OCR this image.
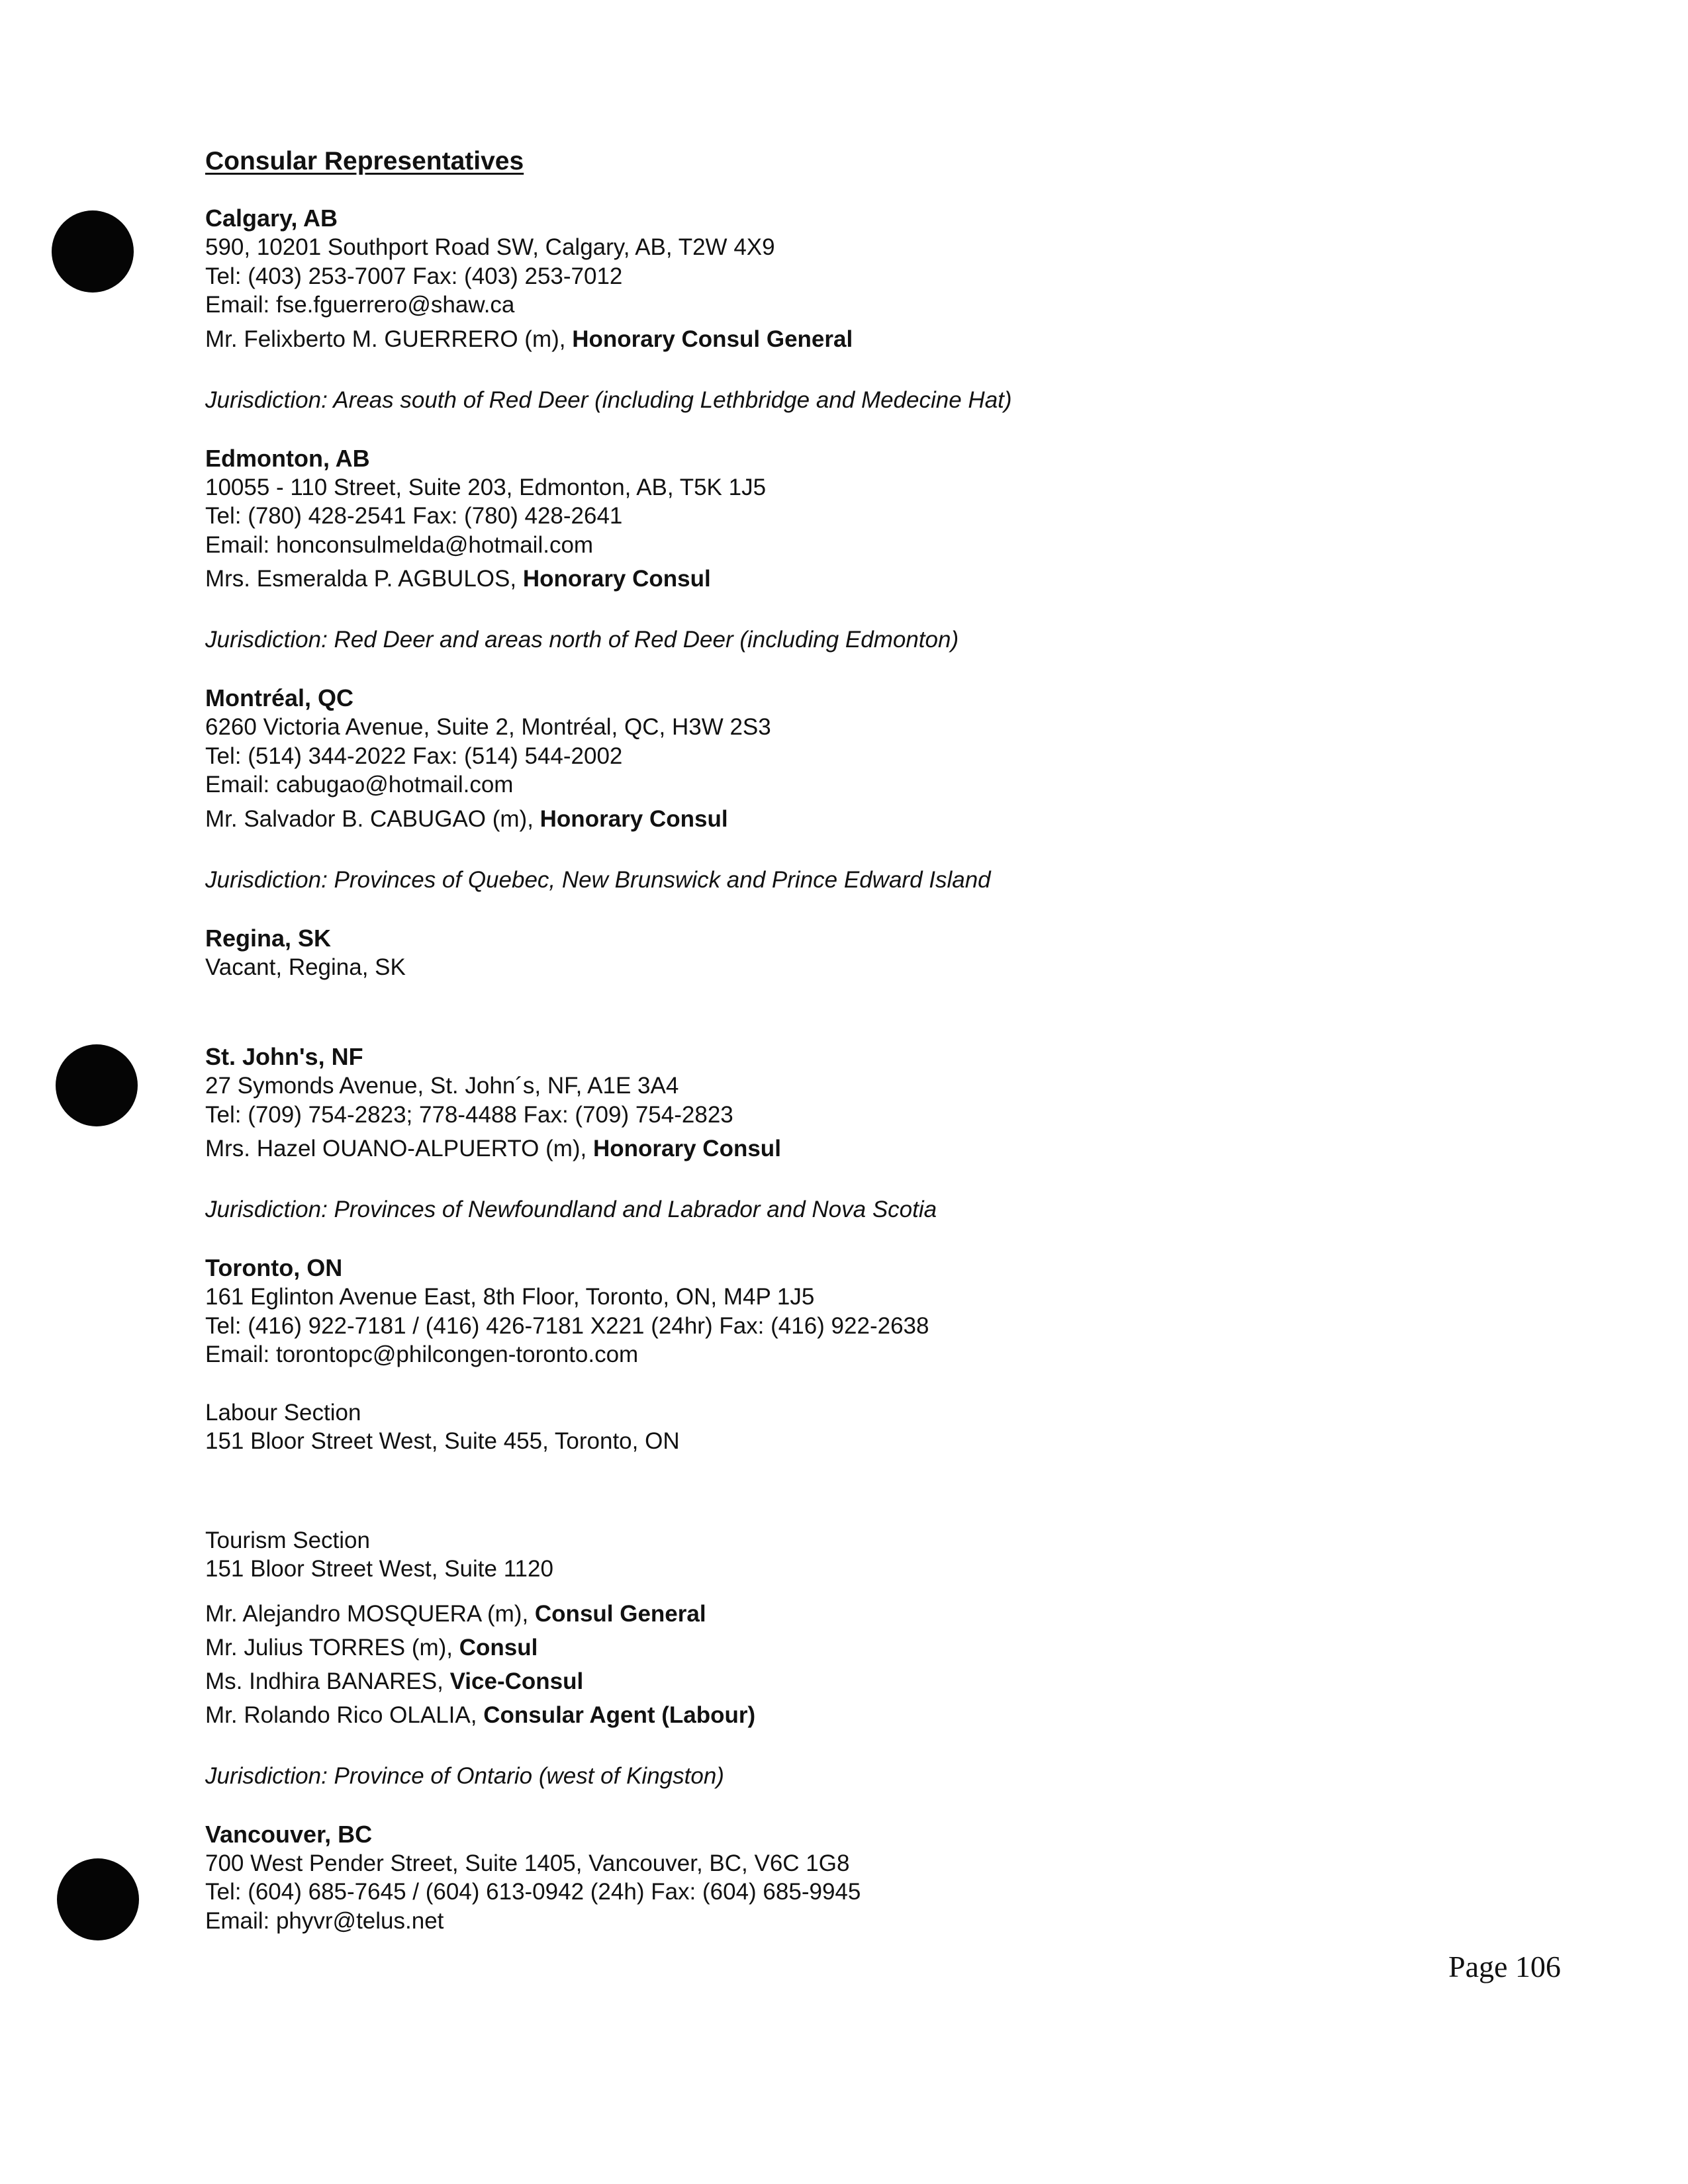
Consular Representatives
Calgary, AB
590, 10201 Southport Road SW, Calgary, AB, T2W 4X9
Tel: (403) 253-7007 Fax: (403) 253-7012
Email: fse.fguerrero@shaw.ca
Mr. Felixberto M. GUERRERO (m), Honorary Consul General
Jurisdiction: Areas south of Red Deer (including Lethbridge and Medecine Hat)
Edmonton, AB
10055 - 110 Street, Suite 203, Edmonton, AB, T5K 1J5
Tel: (780) 428-2541 Fax: (780) 428-2641
Email: honconsulmelda@hotmail.com
Mrs. Esmeralda P. AGBULOS, Honorary Consul
Jurisdiction: Red Deer and areas north of Red Deer (including Edmonton)
Montréal, QC
6260 Victoria Avenue, Suite 2, Montréal, QC, H3W 2S3
Tel: (514) 344-2022 Fax: (514) 544-2002
Email: cabugao@hotmail.com
Mr. Salvador B. CABUGAO (m), Honorary Consul
Jurisdiction: Provinces of Quebec, New Brunswick and Prince Edward Island
Regina, SK
Vacant, Regina, SK
St. John's, NF
27 Symonds Avenue, St. John´s, NF, A1E 3A4
Tel: (709) 754-2823; 778-4488 Fax: (709) 754-2823
Mrs. Hazel OUANO-ALPUERTO (m), Honorary Consul
Jurisdiction: Provinces of Newfoundland and Labrador and Nova Scotia
Toronto, ON
161 Eglinton Avenue East, 8th Floor, Toronto, ON, M4P 1J5
Tel: (416) 922-7181 / (416) 426-7181 X221 (24hr) Fax: (416) 922-2638
Email: torontopc@philcongen-toronto.com
Labour Section
151 Bloor Street West, Suite 455, Toronto, ON
Tourism Section
151 Bloor Street West, Suite 1120
Mr. Alejandro MOSQUERA (m), Consul General
Mr. Julius TORRES (m), Consul
Ms. Indhira BANARES, Vice-Consul
Mr. Rolando Rico OLALIA, Consular Agent (Labour)
Jurisdiction: Province of Ontario (west of Kingston)
Vancouver, BC
700 West Pender Street, Suite 1405, Vancouver, BC, V6C 1G8
Tel: (604) 685-7645 / (604) 613-0942 (24h) Fax: (604) 685-9945
Email: phyvr@telus.net
Page 106
